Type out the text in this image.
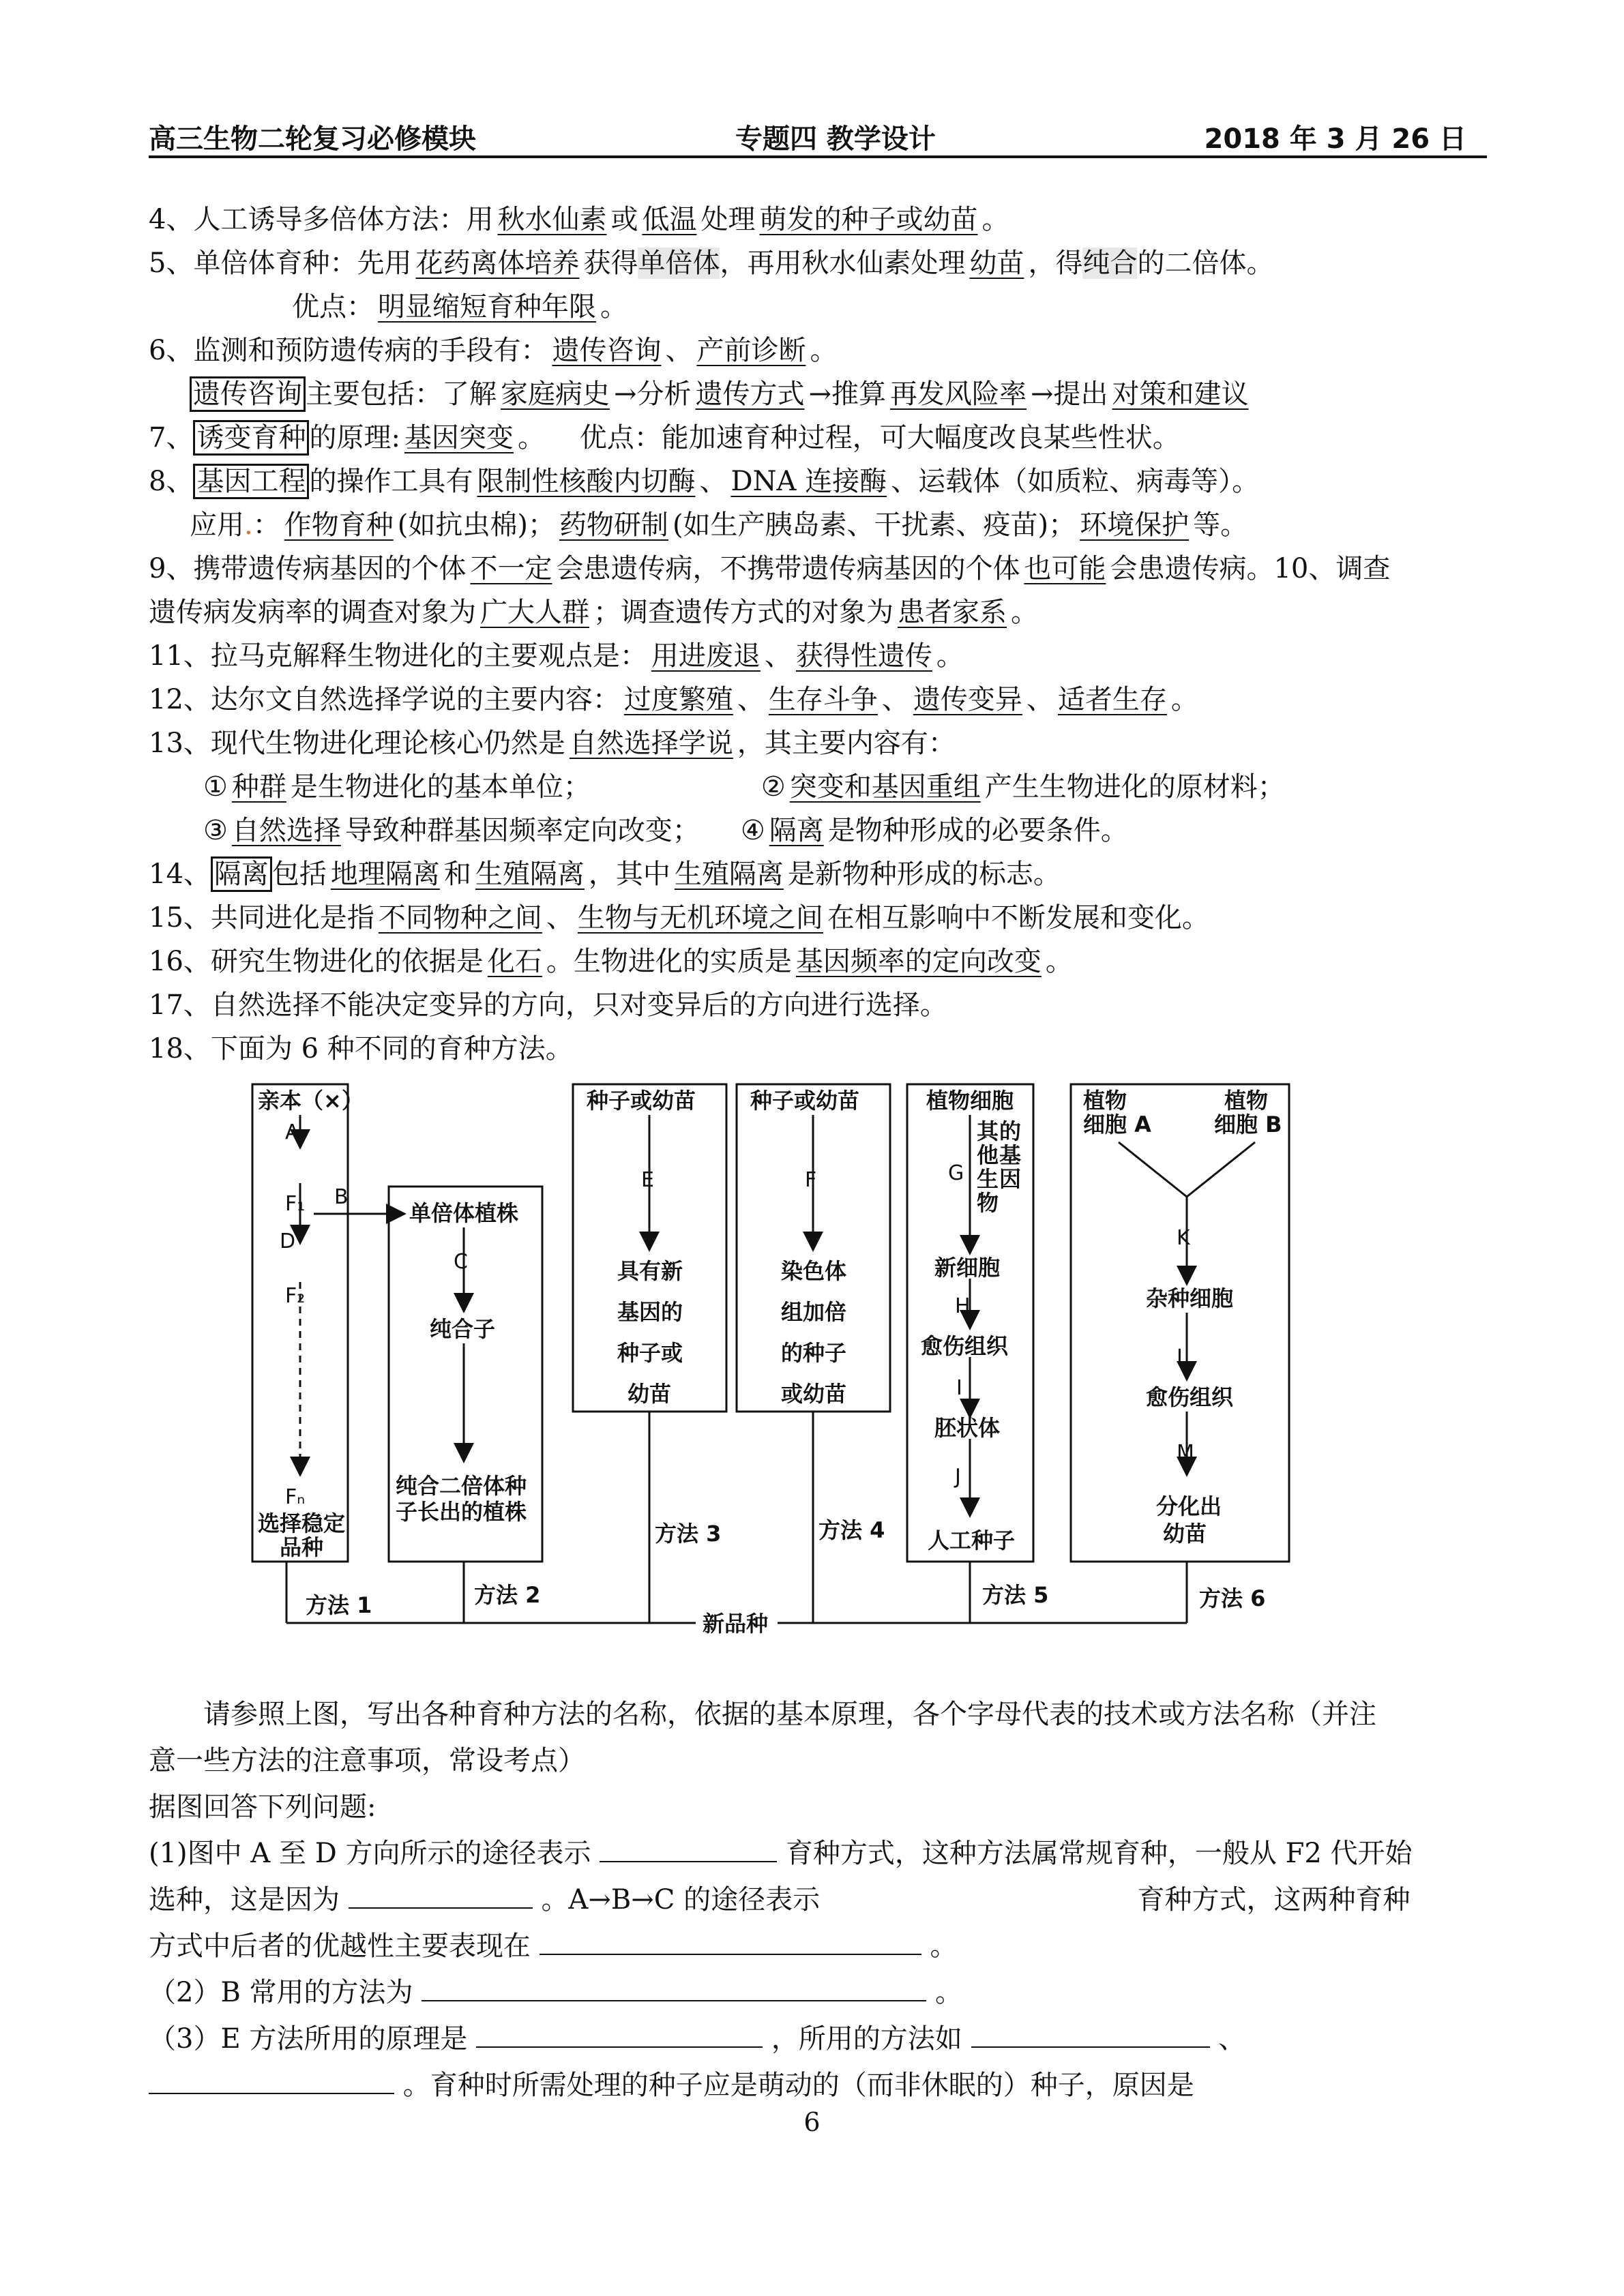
高三生物二轮复习必修模块	专题四 教学设计	2018 年 3 月 26 日
4、人工诱导多倍体方法：用 秋水仙素 或 低温 处理 萌发的种子或幼苗 。
5、单倍体育种：先用 花药离体培养 获得单倍体，再用秋水仙素处理 幼苗 ，得纯合的二倍体。
优点： 明显缩短育种年限 。
6、监测和预防遗传病的手段有： 遗传咨询 、 产前诊断 。
遗传咨询 主要包括：了解 家庭病史 →分析 遗传方式 →推算 再发风险率 →提出 对策和建议
7、 诱变育种 的原理: 基因突变 。    优点：能加速育种过程，可大幅度改良某些性状。
8、 基因工程 的操作工具有 限制性核酸内切酶 、 DNA 连接酶 、运载体（如质粒、病毒等）。
应用.： 作物育种 (如抗虫棉)； 药物研制 (如生产胰岛素、干扰素、疫苗)； 环境保护 等。
9、携带遗传病基因的个体 不一定 会患遗传病，不携带遗传病基因的个体 也可能 会患遗传病。10、调查
遗传病发病率的调查对象为 广大人群 ；调查遗传方式的对象为 患者家系 。
11、拉马克解释生物进化的主要观点是： 用进废退 、 获得性遗传 。
12、达尔文自然选择学说的主要内容： 过度繁殖 、 生存斗争 、 遗传变异 、 适者生存 。
13、现代生物进化理论核心仍然是 自然选择学说 ，其主要内容有：
① 种群 是生物进化的基本单位；	② 突变和基因重组 产生生物进化的原材料；
③ 自然选择 导致种群基因频率定向改变； ④ 隔离 是物种形成的必要条件。
14、 隔离 包括 地理隔离 和 生殖隔离 ，其中 生殖隔离 是新物种形成的标志。
15、共同进化是指 不同物种之间 、 生物与无机环境之间 在相互影响中不断发展和变化。
16、研究生物进化的依据是 化石 。生物进化的实质是 基因频率的定向改变 。
17、自然选择不能决定变异的方向，只对变异后的方向进行选择。
18、下面为 6 种不同的育种方法。
亲本（×）
A
F₁ B
D
F₂
Fₙ
选择稳定
品种
方法 1
单倍体植株
C
纯合子
纯合二倍体种
子长出的植株
方法 2
种子或幼苗
E
具有新
基因的
种子或
幼苗
方法 3
种子或幼苗
F
染色体
组加倍
的种子
或幼苗
方法 4
植物细胞
G
其 的
他 基
生 因
物
新细胞
H
愈伤组织
I
胚状体
J
人工种子
方法 5
植物
细胞 A
植物
细胞 B
K
杂种细胞
L
愈伤组织
M
分化出
幼苗
方法 6
新品种
请参照上图，写出各种育种方法的名称，依据的基本原理，各个字母代表的技术或方法名称（并注
意一些方法的注意事项，常设考点）
据图回答下列问题:
(1)图中 A 至 D 方向所示的途径表示	育种方式，这种方法属常规育种，一般从 F2 代开始
选种，这是因为	。A→B→C 的途径表示	育种方式，这两种育种
方式中后者的优越性主要表现在	。
（2）B 常用的方法为	。
（3）E 方法所用的原理是	，所用的方法如	、
。育种时所需处理的种子应是萌动的（而非休眠的）种子，原因是
6
